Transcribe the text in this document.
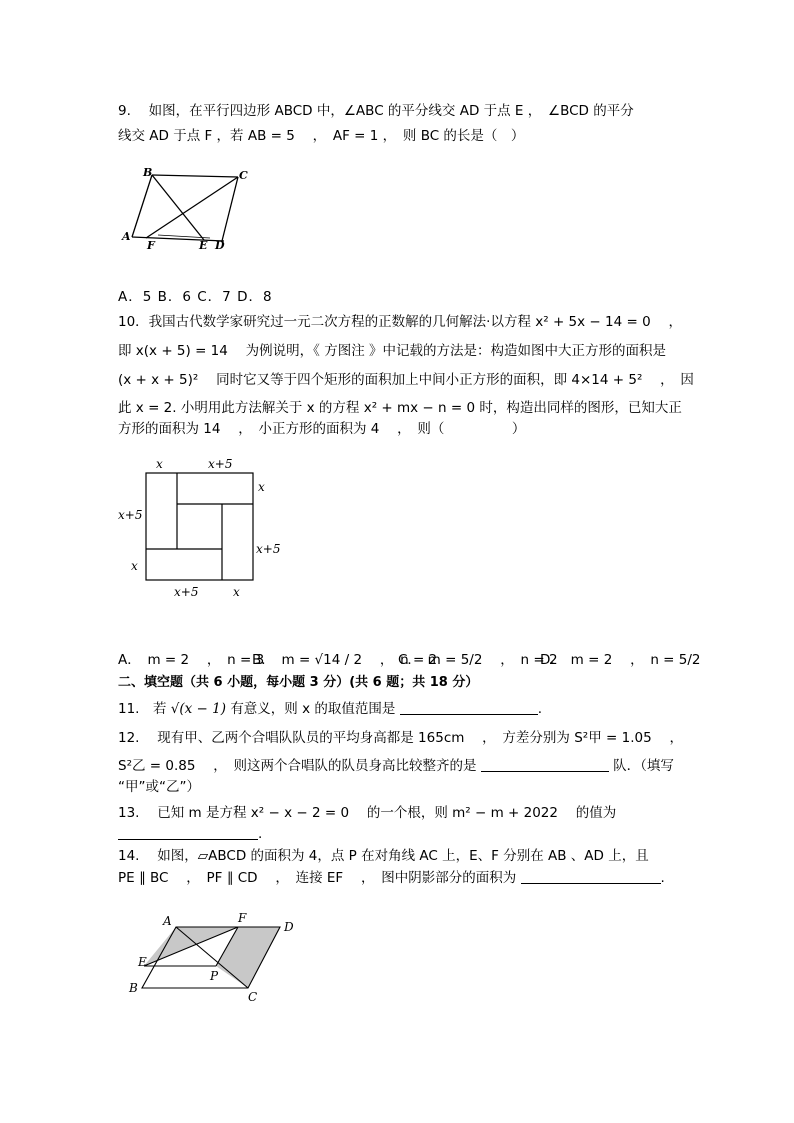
9.　 如图，在平行四边形 ABCD 中，∠ABC 的平分线交 AD 于点 E ，　∠BCD 的平分
线交 AD 于点 F ，若 AB = 5 　，　AF = 1 ，　则 BC 的长是（　）
B	C
A
F	E D
A．5 B．6 C．7 D．8
10．我国古代数学家研究过一元二次方程的正数解的几何解法·以方程 x² + 5x − 14 = 0 　，
即 x(x + 5) = 14 　为例说明，《 方图注 》中记载的方法是：构造如图中大正方形的面积是
(x + x + 5)² 　同时它又等于四个矩形的面积加上中间小正方形的面积，即 4×14 + 5² 　，　因
此 x = 2. 小明用此方法解关于 x 的方程 x² + mx − n = 0 时，构造出同样的图形，已知大正
方形的面积为 14 　，　小正方形的面积为 4 　，　则（　　　　　）
x	x+5
x
x+5
x+5
x
x+5	x
A．　m = 2 　，　n = 3
B．　m = √14 / 2 　，　n = 2
C．　m = 5/2 　，　n = 2
D．　m = 2 　，　n = 5/2
二、填空题（共 6 小题，每小题 3 分）(共 6 题；共 18 分）
11.　若 √(x − 1) 有意义，则 x 的取值范围是	.
12.　 现有甲、乙两个合唱队队员的平均身高都是 165cm 　，　方差分别为 S²甲 = 1.05 　，
S²乙 = 0.85 　，　则这两个合唱队的队员身高比较整齐的是	队．（填写
“甲”或“乙”）
13.　 已知 m 是方程 x² − x − 2 = 0 　的一个根，则 m² − m + 2022 　的值为
.
14.　 如图，▱ABCD 的面积为 4，点 P 在对角线 AC 上，E、F 分别在 AB 、AD 上，且
PE ∥ BC 　，　PF ∥ CD 　，　连接 EF 　，　图中阴影部分的面积为	.
A	F
D
E
P
B
C
